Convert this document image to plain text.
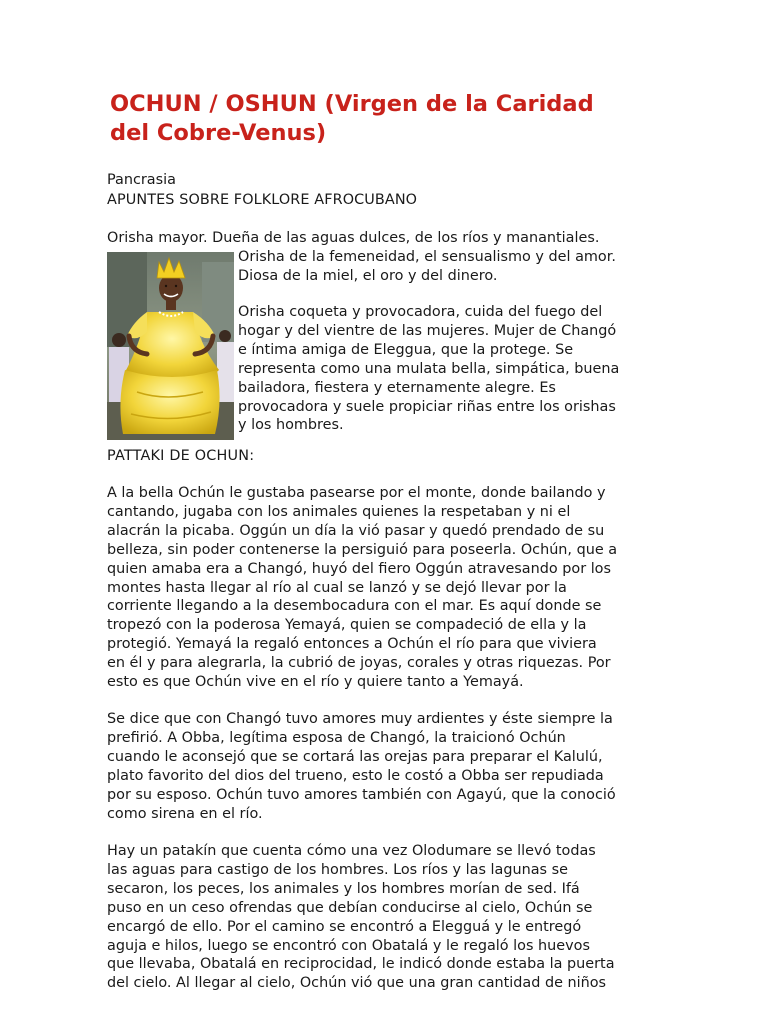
OCHUN / OSHUN (Virgen de la Caridad
del Cobre-Venus)

Pancrasia

APUNTES SOBRE FOLKLORE AFROCUBANO

Orisha mayor. Dueña de las aguas dulces, de los ríos y manantiales.

Orisha de la femeneidad, el sensualismo y del amor.

Diosa de la miel, el oro y del dinero.

Orisha coqueta y provocadora, cuida del fuego del

hogar y del vientre de las mujeres. Mujer de Changó

e íntima amiga de Eleggua, que la protege. Se

representa como una mulata bella, simpática, buena

bailadora, fiestera y eternamente alegre. Es

provocadora y suele propiciar riñas entre los orishas

y los hombres.

PATTAKI DE OCHUN:

A la bella Ochún le gustaba pasearse por el monte, donde bailando y

cantando, jugaba con los animales quienes la respetaban y ni el

alacrán la picaba. Oggún un día la vió pasar y quedó prendado de su

belleza, sin poder contenerse la persiguió para poseerla. Ochún, que a

quien amaba era a Changó, huyó del fiero Oggún atravesando por los

montes hasta llegar al río al cual se lanzó y se dejó llevar por la

corriente llegando a la desembocadura con el mar. Es aquí donde se

tropezó con la poderosa Yemayá, quien se compadeció de ella y la

protegió. Yemayá la regaló entonces a Ochún el río para que viviera

en él y para alegrarla, la cubrió de joyas, corales y otras riquezas. Por

esto es que Ochún vive en el río y quiere tanto a Yemayá.

Se dice que con Changó tuvo amores muy ardientes y éste siempre la

prefirió. A Obba, legítima esposa de Changó, la traicionó Ochún

cuando le aconsejó que se cortará las orejas para preparar el Kalulú,

plato favorito del dios del trueno, esto le costó a Obba ser repudiada

por su esposo. Ochún tuvo amores también con Agayú, que la conoció

como sirena en el río.

Hay un patakín que cuenta cómo una vez Olodumare se llevó todas

las aguas para castigo de los hombres. Los ríos y las lagunas se

secaron, los peces, los animales y los hombres morían de sed. Ifá

puso en un ceso ofrendas que debían conducirse al cielo, Ochún se

encargó de ello. Por el camino se encontró a Elegguá y le entregó

aguja e hilos, luego se encontró con Obatalá y le regaló los huevos

que llevaba, Obatalá en reciprocidad, le indicó donde estaba la puerta

del cielo. Al llegar al cielo, Ochún vió que una gran cantidad de niños
